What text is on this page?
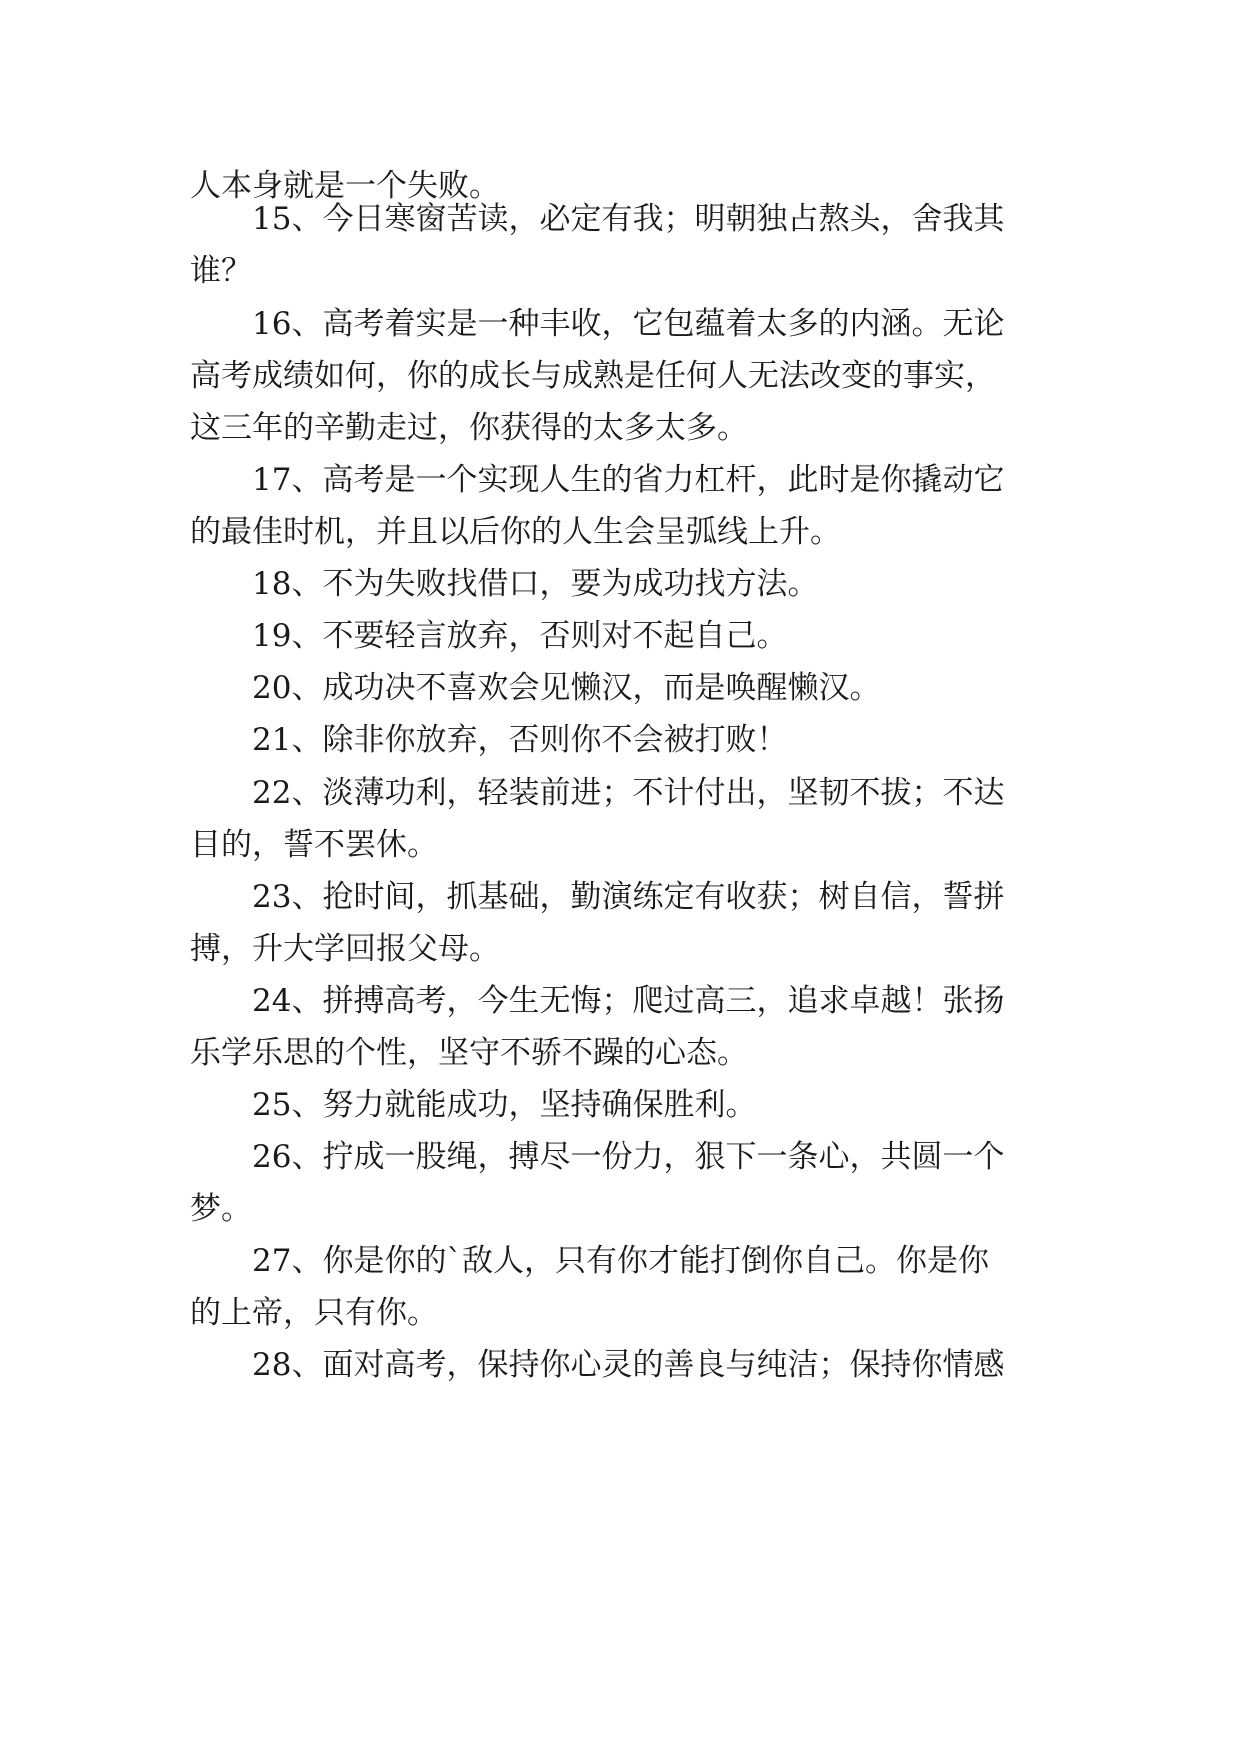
人本身就是一个失败。
15、今日寒窗苦读，必定有我；明朝独占熬头，舍我其
谁？
16、高考着实是一种丰收，它包蕴着太多的内涵。无论
高考成绩如何，你的成长与成熟是任何人无法改变的事实，
这三年的辛勤走过，你获得的太多太多。
17、高考是一个实现人生的省力杠杆，此时是你撬动它
的最佳时机，并且以后你的人生会呈弧线上升。
18、不为失败找借口，要为成功找方法。
19、不要轻言放弃，否则对不起自己。
20、成功决不喜欢会见懒汉，而是唤醒懒汉。
21、除非你放弃，否则你不会被打败！
22、淡薄功利，轻装前进；不计付出，坚韧不拔；不达
目的，誓不罢休。
23、抢时间，抓基础，勤演练定有收获；树自信，誓拼
搏，升大学回报父母。
24、拼搏高考，今生无悔；爬过高三，追求卓越！张扬
乐学乐思的个性，坚守不骄不躁的心态。
25、努力就能成功，坚持确保胜利。
26、拧成一股绳，搏尽一份力，狠下一条心，共圆一个
梦。
27、你是你的`敌人，只有你才能打倒你自己。你是你
的上帝，只有你。
28、面对高考，保持你心灵的善良与纯洁；保持你情感
